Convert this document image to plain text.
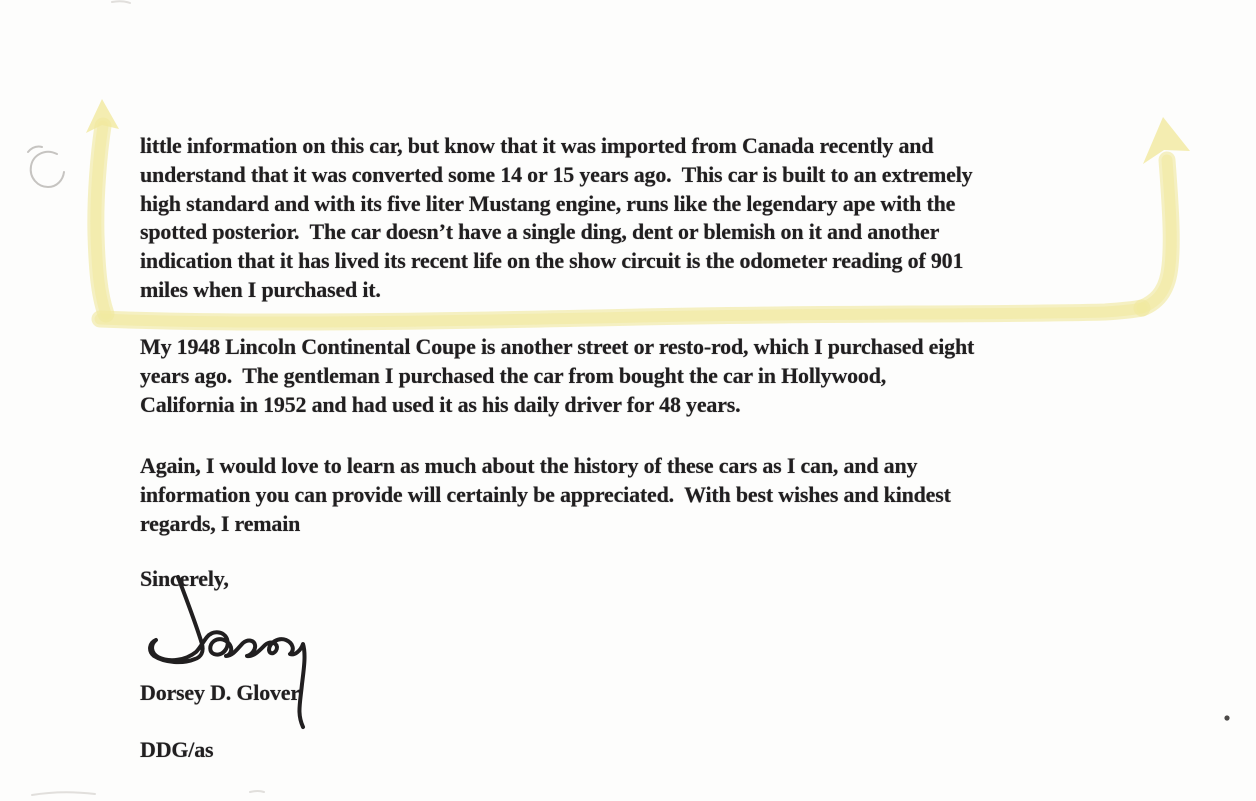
little information on this car, but know that it was imported from Canada recently and
understand that it was converted some 14 or 15 years ago.  This car is built to an extremely
high standard and with its five liter Mustang engine, runs like the legendary ape with the
spotted posterior.  The car doesn’t have a single ding, dent or blemish on it and another
indication that it has lived its recent life on the show circuit is the odometer reading of 901
miles when I purchased it.
My 1948 Lincoln Continental Coupe is another street or resto-rod, which I purchased eight
years ago.  The gentleman I purchased the car from bought the car in Hollywood,
California in 1952 and had used it as his daily driver for 48 years.
Again, I would love to learn as much about the history of these cars as I can, and any
information you can provide will certainly be appreciated.  With best wishes and kindest
regards, I remain
Sincerely,
Dorsey D. Glover
DDG/as
